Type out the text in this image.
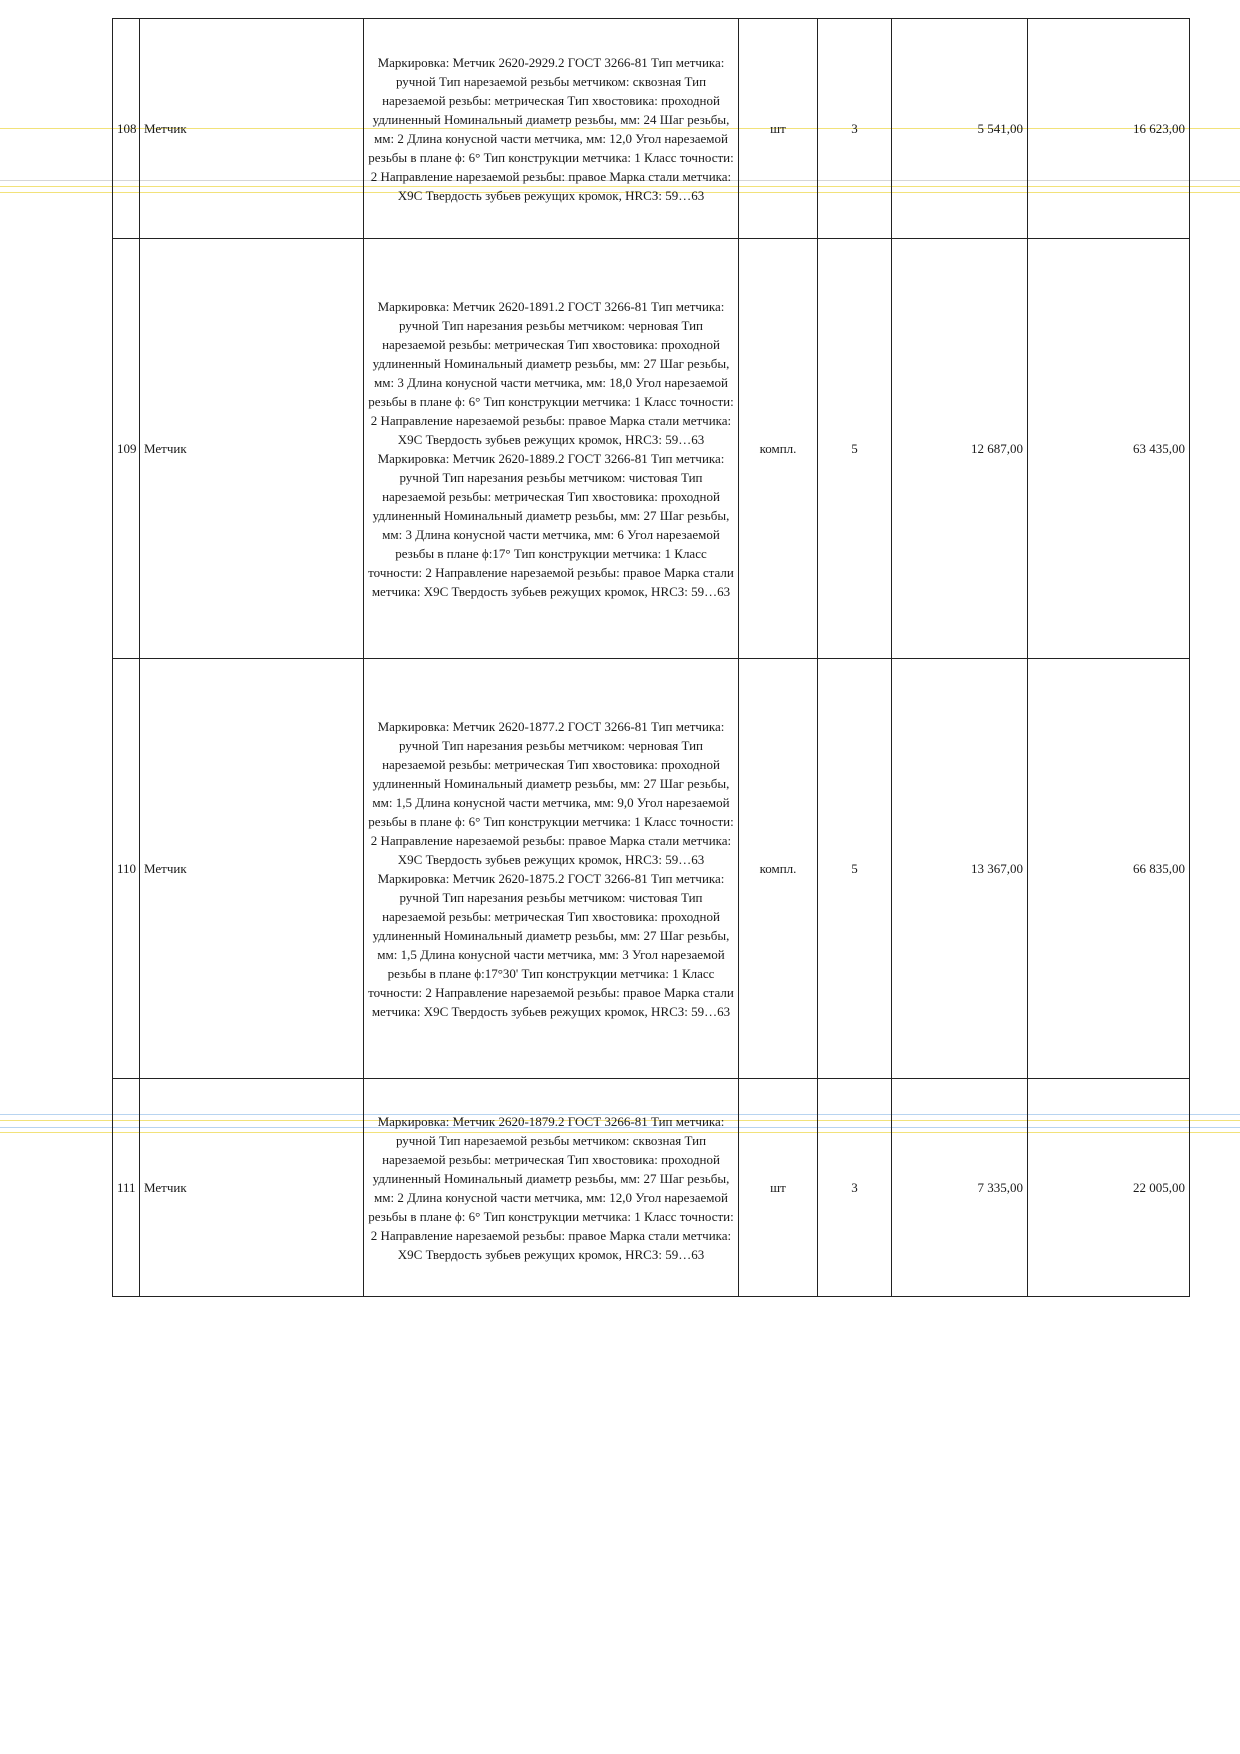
108	Метчик	Маркировка: Метчик 2620-2929.2 ГОСТ 3266-81 Тип метчика: ручной Тип нарезаемой резьбы метчиком: сквозная Тип нарезаемой резьбы: метрическая Тип хвостовика: проходной удлиненный Номинальный диаметр резьбы, мм: 24 Шаг резьбы, мм: 2 Длина конусной части метчика, мм: 12,0 Угол нарезаемой резьбы в плане ϕ: 6° Тип конструкции метчика: 1 Класс точности: 2 Направление нарезаемой резьбы: правое Марка стали метчика: Х9С Твердость зубьев режущих кромок, HRCЗ: 59…63	шт	3	5 541,00	16 623,00
109	Метчик	Маркировка: Метчик 2620-1891.2 ГОСТ 3266-81 Тип метчика: ручной Тип нарезания резьбы метчиком: черновая Тип нарезаемой резьбы: метрическая Тип хвостовика: проходной удлиненный Номинальный диаметр резьбы, мм: 27 Шаг резьбы, мм: 3 Длина конусной части метчика, мм: 18,0 Угол нарезаемой резьбы в плане ϕ: 6° Тип конструкции метчика: 1 Класс точности: 2 Направление нарезаемой резьбы: правое Марка стали метчика: Х9С Твердость зубьев режущих кромок, HRCЗ: 59…63 Маркировка: Метчик 2620-1889.2 ГОСТ 3266-81 Тип метчика: ручной Тип нарезания резьбы метчиком: чистовая Тип нарезаемой резьбы: метрическая Тип хвостовика: проходной удлиненный Номинальный диаметр резьбы, мм: 27 Шаг резьбы, мм: 3 Длина конусной части метчика, мм: 6 Угол нарезаемой резьбы в плане ϕ:17° Тип конструкции метчика: 1 Класс точности: 2 Направление нарезаемой резьбы: правое Марка стали метчика: Х9С Твердость зубьев режущих кромок, HRCЗ: 59…63	компл.	5	12 687,00	63 435,00
110	Метчик	Маркировка: Метчик 2620-1877.2 ГОСТ 3266-81 Тип метчика: ручной Тип нарезания резьбы метчиком: черновая Тип нарезаемой резьбы: метрическая Тип хвостовика: проходной удлиненный Номинальный диаметр резьбы, мм: 27 Шаг резьбы, мм: 1,5 Длина конусной части метчика, мм: 9,0 Угол нарезаемой резьбы в плане ϕ: 6° Тип конструкции метчика: 1 Класс точности: 2 Направление нарезаемой резьбы: правое Марка стали метчика: Х9С Твердость зубьев режущих кромок, HRCЗ: 59…63 Маркировка: Метчик 2620-1875.2 ГОСТ 3266-81 Тип метчика: ручной Тип нарезания резьбы метчиком: чистовая Тип нарезаемой резьбы: метрическая Тип хвостовика: проходной удлиненный Номинальный диаметр резьбы, мм: 27 Шаг резьбы, мм: 1,5 Длина конусной части метчика, мм: 3 Угол нарезаемой резьбы в плане ϕ:17°30' Тип конструкции метчика: 1 Класс точности: 2 Направление нарезаемой резьбы: правое Марка стали метчика: Х9С Твердость зубьев режущих кромок, HRCЗ: 59…63	компл.	5	13 367,00	66 835,00
111	Метчик	Маркировка: Метчик 2620-1879.2 ГОСТ 3266-81 Тип метчика: ручной Тип нарезаемой резьбы метчиком: сквозная Тип нарезаемой резьбы: метрическая Тип хвостовика: проходной удлиненный Номинальный диаметр резьбы, мм: 27 Шаг резьбы, мм: 2 Длина конусной части метчика, мм: 12,0 Угол нарезаемой резьбы в плане ϕ: 6° Тип конструкции метчика: 1 Класс точности: 2 Направление нарезаемой резьбы: правое Марка стали метчика: Х9С Твердость зубьев режущих кромок, HRCЗ: 59…63	шт	3	7 335,00	22 005,00
